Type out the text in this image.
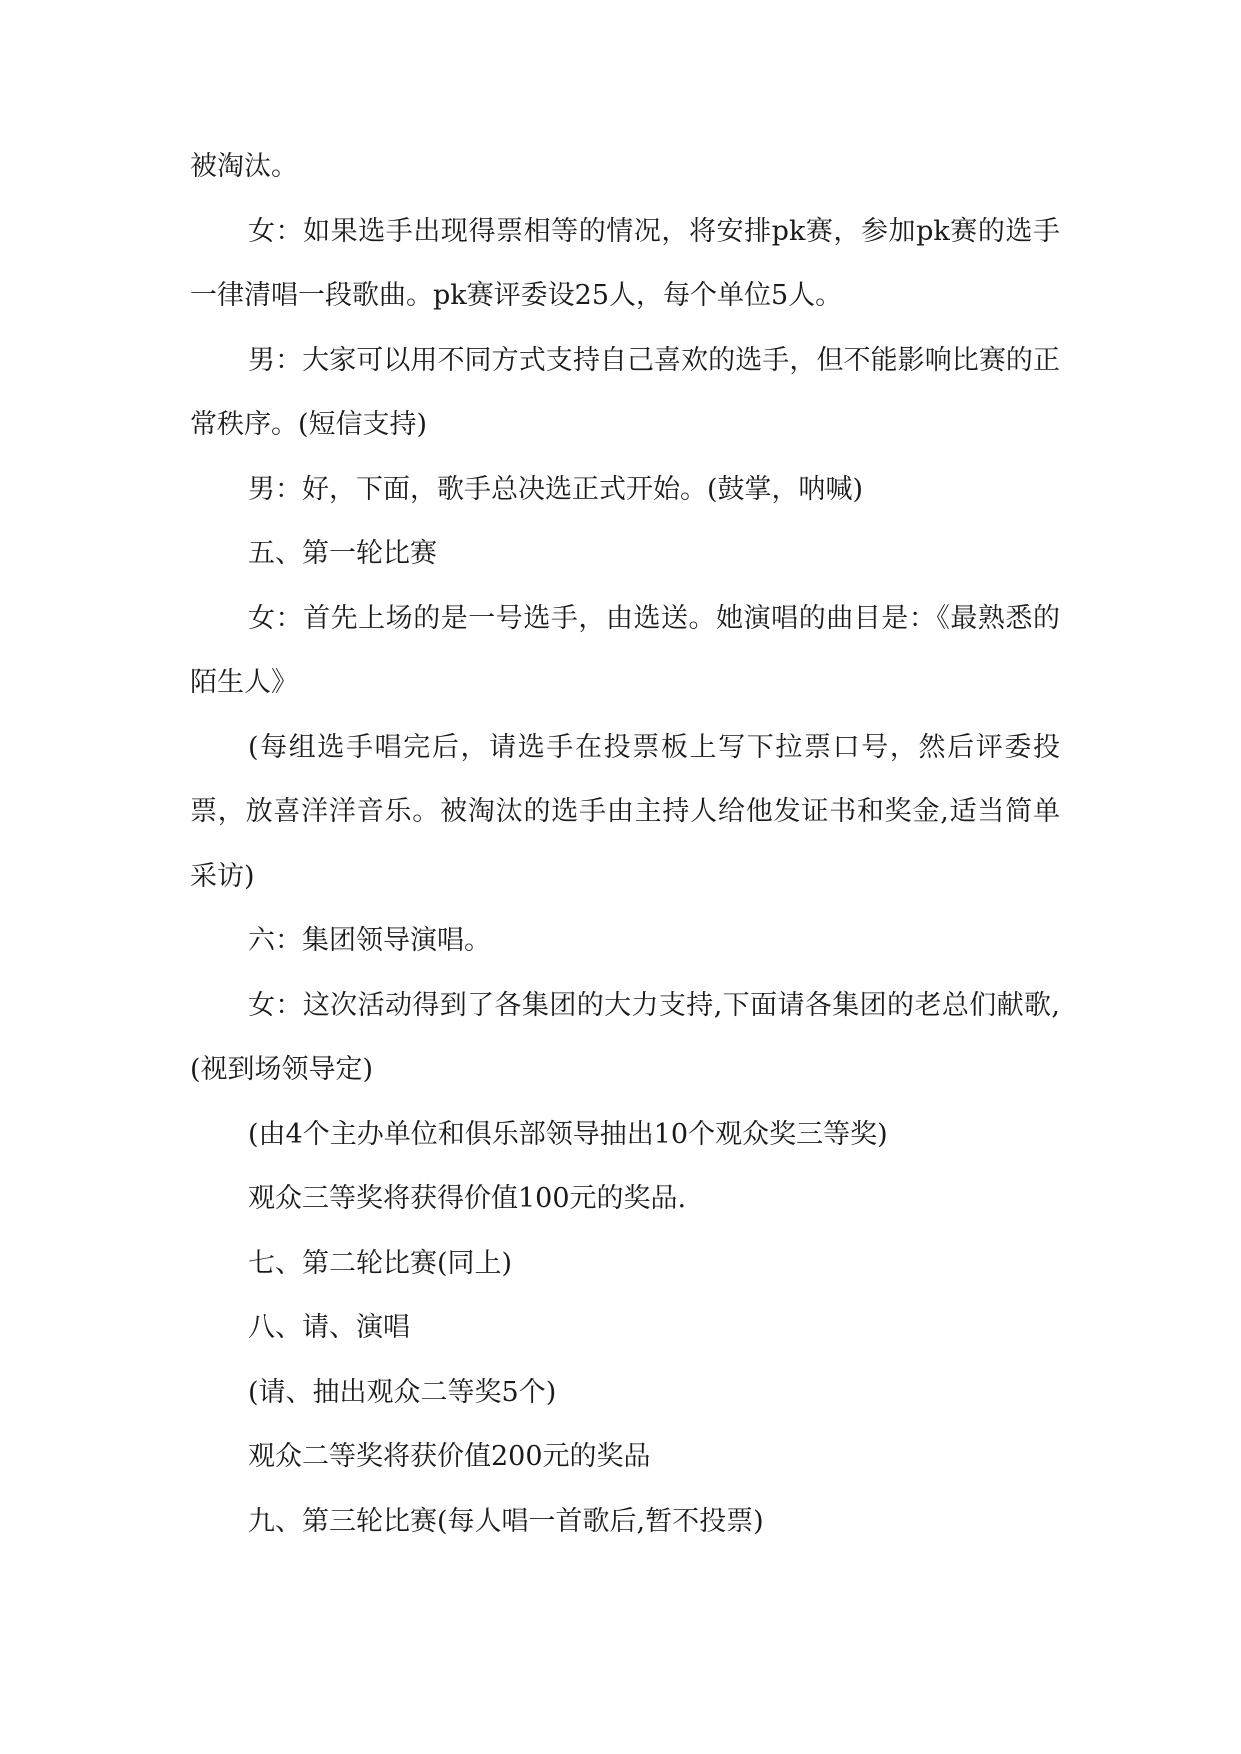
被淘汰。

女：如果选手出现得票相等的情况，将安排pk赛，参加pk赛的选手一律清唱一段歌曲。pk赛评委设25人，每个单位5人。

男：大家可以用不同方式支持自己喜欢的选手，但不能影响比赛的正常秩序。(短信支持)

男：好，下面，歌手总决选正式开始。(鼓掌，呐喊)

五、第一轮比赛

女：首先上场的是一号选手，由选送。她演唱的曲目是：《最熟悉的陌生人》

(每组选手唱完后，请选手在投票板上写下拉票口号，然后评委投票，放喜洋洋音乐。被淘汰的选手由主持人给他发证书和奖金,适当简单采访)

六：集团领导演唱。

女：这次活动得到了各集团的大力支持,下面请各集团的老总们献歌,(视到场领导定)

(由4个主办单位和俱乐部领导抽出10个观众奖三等奖)

观众三等奖将获得价值100元的奖品.

七、第二轮比赛(同上)

八、请、演唱

(请、抽出观众二等奖5个)

观众二等奖将获价值200元的奖品

九、第三轮比赛(每人唱一首歌后,暂不投票)
